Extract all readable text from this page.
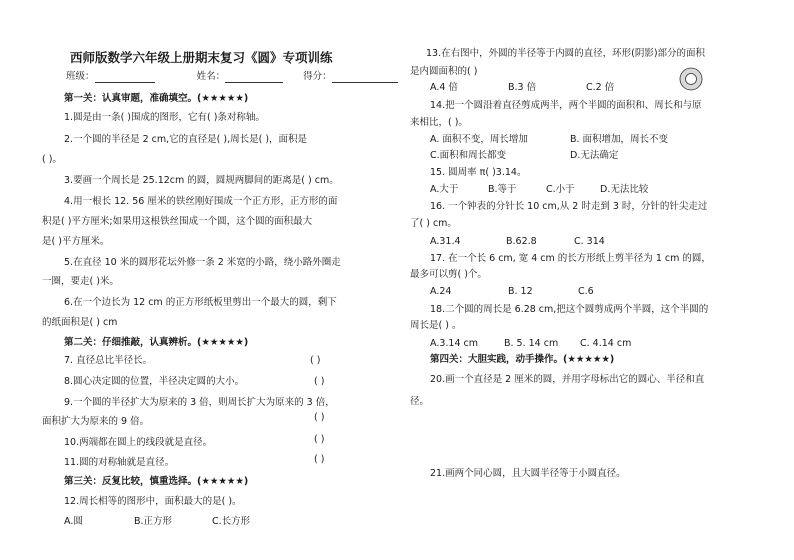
西师版数学六年级上册期末复习《圆》专项训练
班级：	姓名：	得分：
第一关：认真审题，准确填空。(★★★★★)
1.圆是由一条( )围成的图形，它有( )条对称轴。
2.一个圆的半径是 2 cm,它的直径是( ),周长是( )，面积是
( )。
3.要画一个周长是 25.12cm 的圆，圆规两脚间的距离是( ) cm。
4.用一根长 12. 56 厘米的铁丝刚好围成一个正方形，正方形的面
积是( )平方厘米;如果用这根铁丝围成一个圆，这个圆的面积最大
是( )平方厘米。
5.在直径 10 米的圆形花坛外修一条 2 米宽的小路，绕小路外圈走
一圈，要走( )米。
6.在一个边长为 12 cm 的正方形纸板里剪出一个最大的圆，剩下
的纸面积是( ) cm
第二关：仔细推敲，认真辨析。(★★★★★)
7. 直径总比半径长。	( )
8.圆心决定圆的位置，半径决定圆的大小。	( )
9.一个圆的半径扩大为原来的 3 倍，则周长扩大为原来的 3 倍，
( )
面积扩大为原来的 9 倍。
10.两端都在圆上的线段就是直径。	( )
11.圆的对称轴就是直径。	( )
第三关：反复比较，慎重选择。(★★★★★)
12.周长相等的图形中，面积最大的是( )。
A.圆	B.正方形	C.长方形
13.在右图中，外圆的半径等于内圆的直径，环形(阴影)部分的面积
是内圆面积的( )
A.4 倍	B.3 倍	C.2 倍
14.把一个圆沿着直径剪成两半，两个半圆的面积和、周长和与原
来相比，( )。
A. 面积不变，周长增加	B. 面积增加，周长不变
C.面积和周长都变	D.无法确定
15. 圆周率 π( )3.14。
A.大于	B.等于	C.小于	D.无法比较
16. 一个钟表的分针长 10 cm,从 2 时走到 3 时，分针的针尖走过
了( ) cm。
A.31.4	B.62.8	C. 314
17. 在一个长 6 cm, 宽 4 cm 的长方形纸上剪半径为 1 cm 的圆，
最多可以剪( )个。
A.24	B. 12	C.6
18.二个圆的周长是 6.28 cm,把这个圆剪成两个半圆，这个半圆的
周长是( ) 。
A.3.14 cm	B. 5. 14 cm C. 4.14 cm
第四关：大胆实践，动手操作。(★★★★★)
20.画一个直径是 2 厘米的圆，并用字母标出它的圆心、半径和直
径。
21.画两个同心圆，且大圆半径等于小圆直径。
